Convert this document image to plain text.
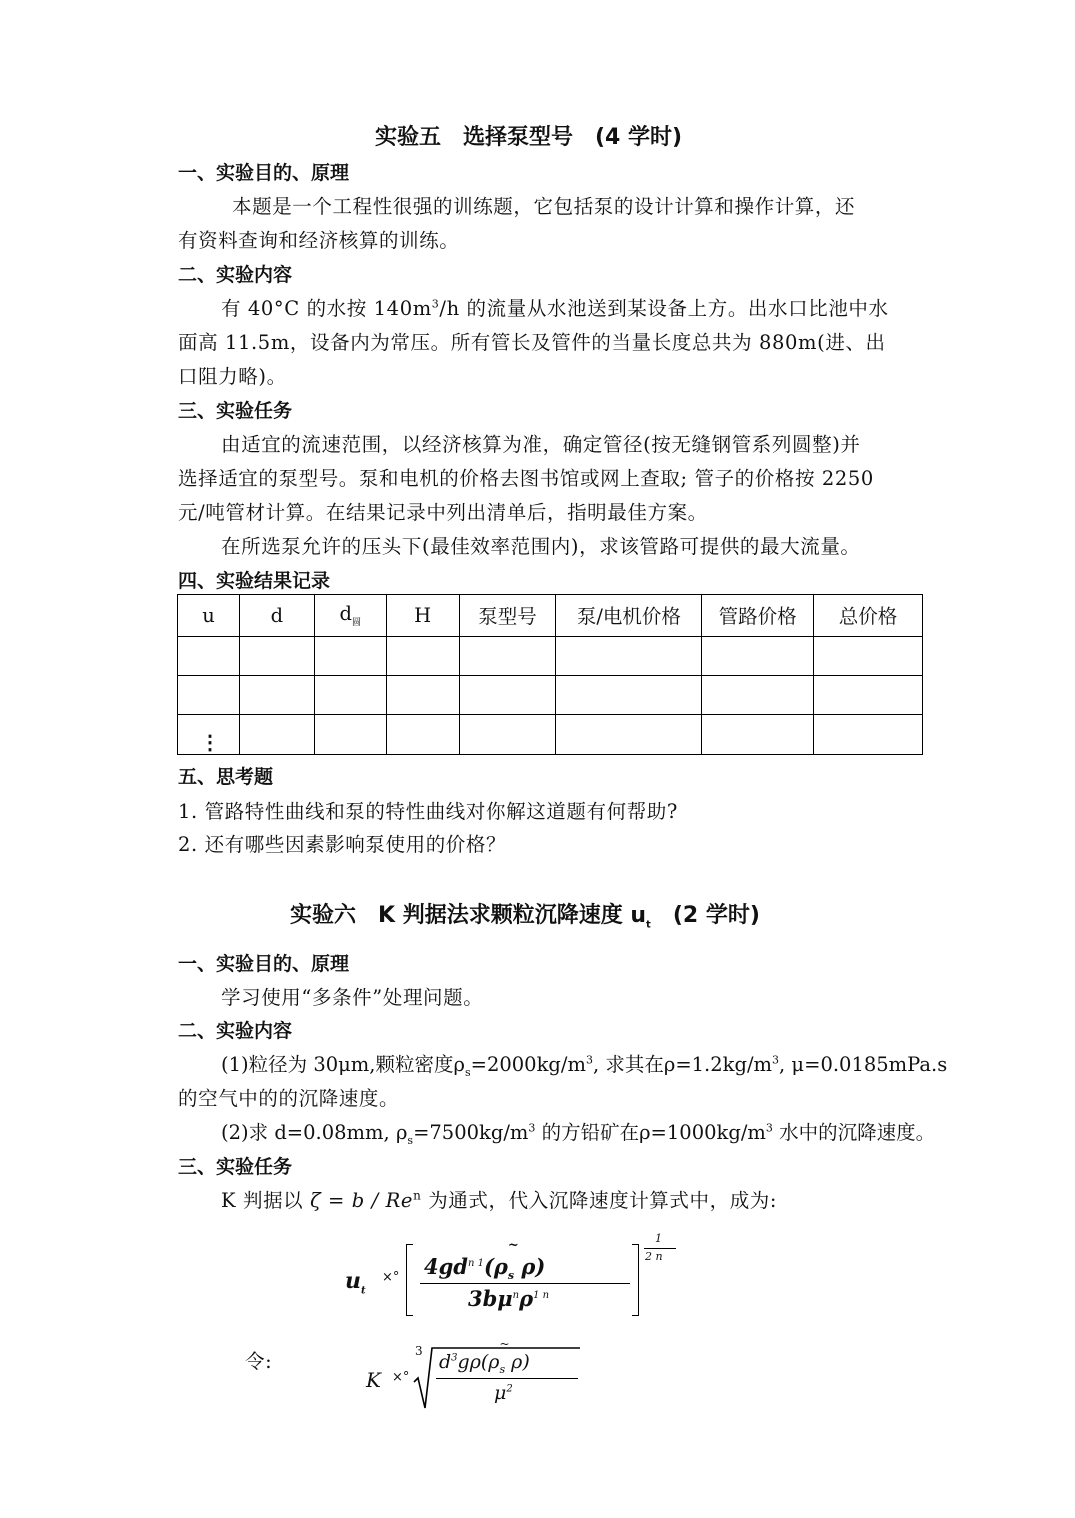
实验五　选择泵型号　(4 学时)
一、实验目的、原理
本题是一个工程性很强的训练题，它包括泵的设计计算和操作计算，还
有资料查询和经济核算的训练。
二、实验内容
有 40°C 的水按 $140m^3/h$ 的流量从水池送到某设备上方。出水口比池中水
面高 11.5m，设备内为常压。所有管长及管件的当量长度总共为 880m(进、出
口阻力略)。
三、实验任务
由适宜的流速范围，以经济核算为准，确定管径(按无缝钢管系列圆整)并
选择适宜的泵型号。泵和电机的价格去图书馆或网上查取; 管子的价格按 2250
元/吨管材计算。在结果记录中列出清单后，指明最佳方案。
在所选泵允许的压头下(最佳效率范围内)，求该管路可提供的最大流量。
四、实验结果记录
u	d	$d_圆$	H	泵型号	泵/电机价格	管路价格	总价格

⋮							
五、思考题
1. 管路特性曲线和泵的特性曲线对你解这道题有何帮助?
2. 还有哪些因素影响泵使用的价格？
实验六　K 判据法求颗粒沉降速度 $u_t$　(2 学时)
一、实验目的、原理
学习使用“多条件”处理问题。
二、实验内容
(1)粒径为 30μm,颗粒密度$\rho_s=2000kg/m^3$, 求其在$\rho=1.2kg/m^3$, μ=0.0185mPa.s
的空气中的的沉降速度。
(2)求 d=0.08mm, $\rho_s=7500kg/m^3$ 的方铅矿在$\rho=1000kg/m^3$ 水中的沉降速度。
三、实验任务
K 判据以 ζ = b / Re$^n$ 为通式，代入沉降速度计算式中，成为:
$u_t$
×° $4gd^{n 1}(\rho_s$
~
ρ)
$3b\mu^n\rho^{1 n}$
1
2 n
令:
K ×°
3 $d^3g\rho(\rho_s$
~
ρ)
$\mu^2$
